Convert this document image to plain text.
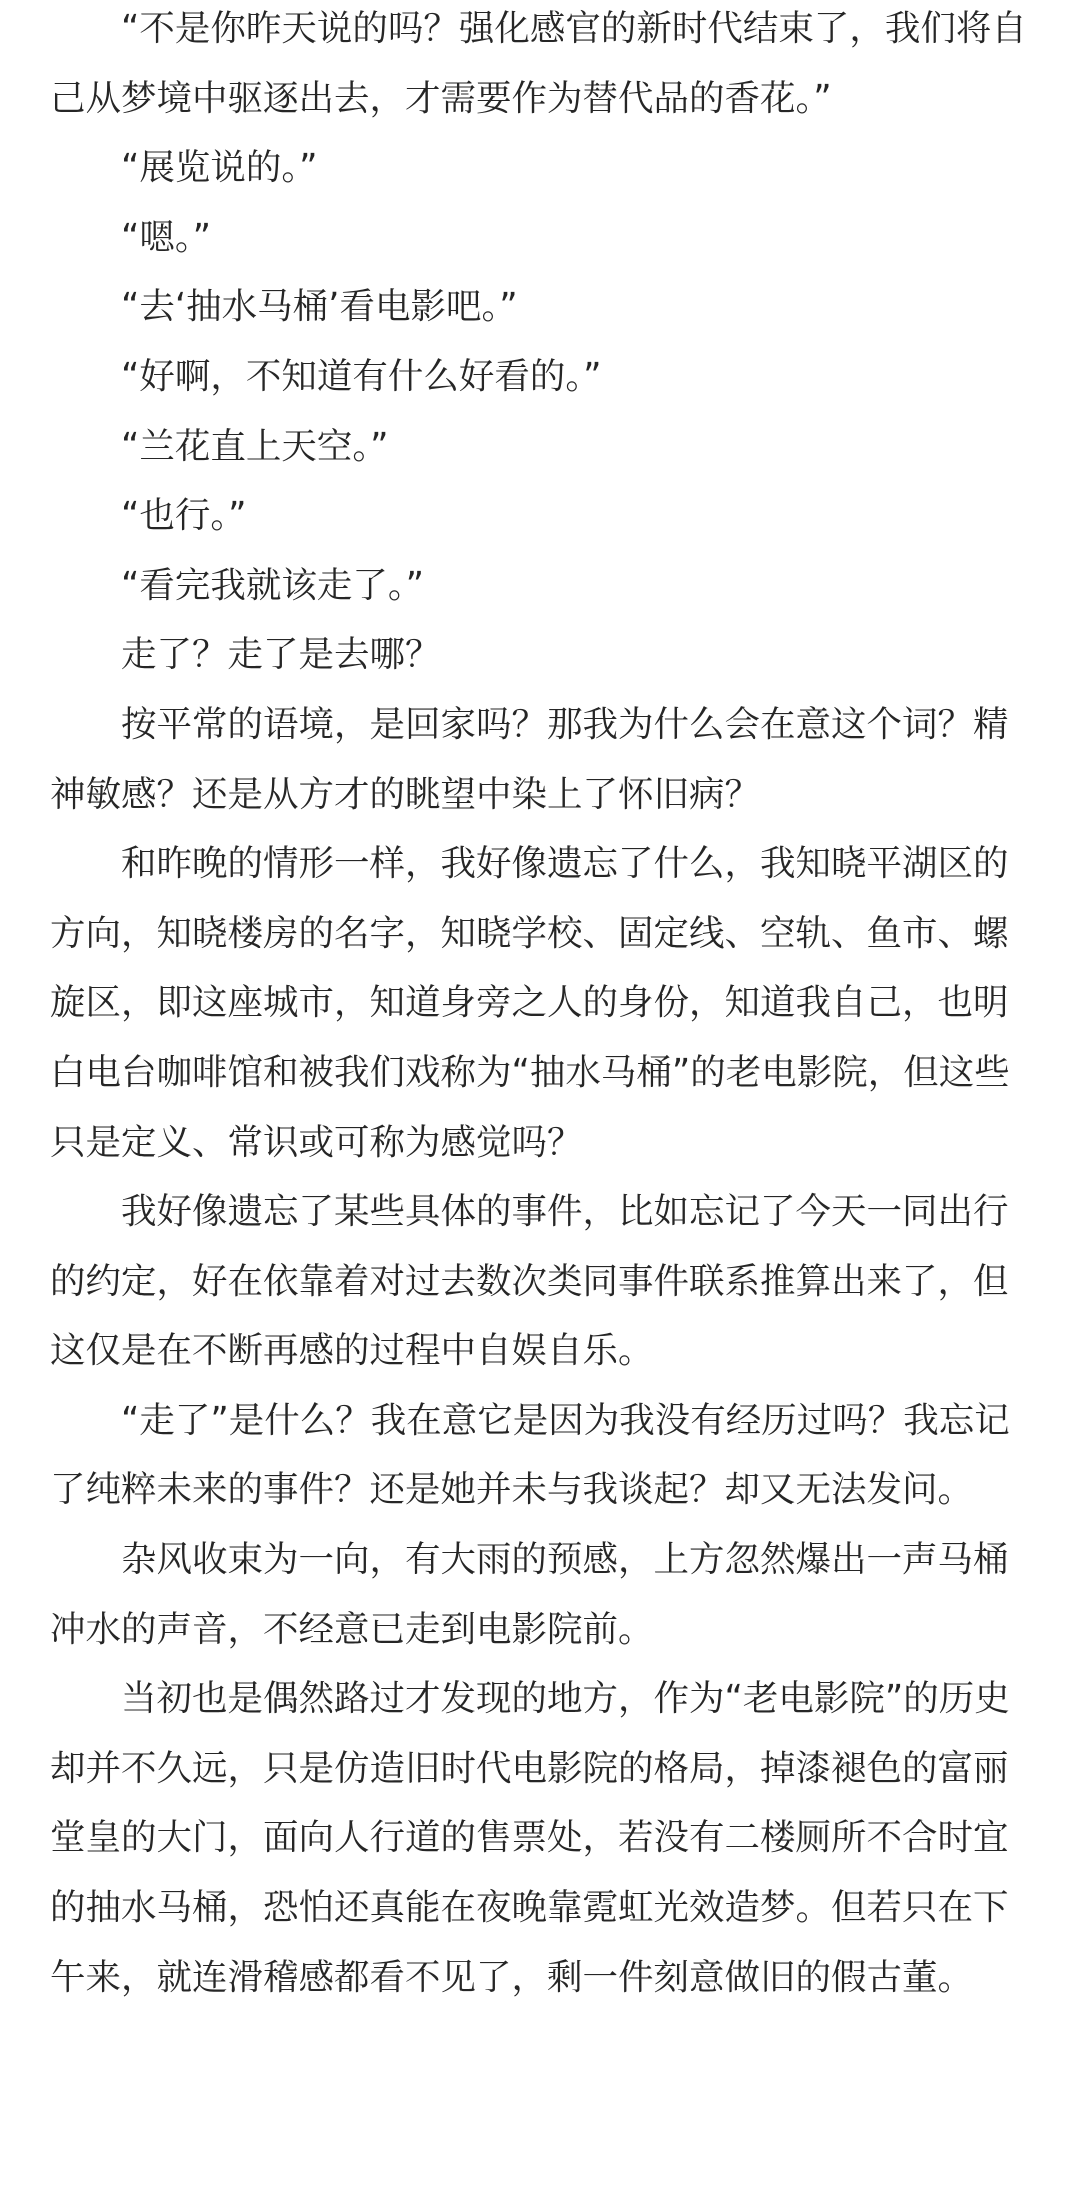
“不是你昨天说的吗？强化感官的新时代结束了，我们将自己从梦境中驱逐出去，才需要作为替代品的香花。”

“展览说的。”

“嗯。”

“去‘抽水马桶’看电影吧。”

“好啊，不知道有什么好看的。”

“兰花直上天空。”

“也行。”

“看完我就该走了。”

走了？走了是去哪？

按平常的语境，是回家吗？那我为什么会在意这个词？精神敏感？还是从方才的眺望中染上了怀旧病？

和昨晚的情形一样，我好像遗忘了什么，我知晓平湖区的方向，知晓楼房的名字，知晓学校、固定线、空轨、鱼市、螺旋区，即这座城市，知道身旁之人的身份，知道我自己，也明白电台咖啡馆和被我们戏称为“抽水马桶”的老电影院，但这些只是定义、常识或可称为感觉吗？

我好像遗忘了某些具体的事件，比如忘记了今天一同出行的约定，好在依靠着对过去数次类同事件联系推算出来了，但这仅是在不断再感的过程中自娱自乐。

“走了”是什么？我在意它是因为我没有经历过吗？我忘记了纯粹未来的事件？还是她并未与我谈起？却又无法发问。

杂风收束为一向，有大雨的预感，上方忽然爆出一声马桶冲水的声音，不经意已走到电影院前。

当初也是偶然路过才发现的地方，作为“老电影院”的历史却并不久远，只是仿造旧时代电影院的格局，掉漆褪色的富丽堂皇的大门，面向人行道的售票处，若没有二楼厕所不合时宜的抽水马桶，恐怕还真能在夜晚靠霓虹光效造梦。但若只在下午来，就连滑稽感都看不见了，剩一件刻意做旧的假古董。
